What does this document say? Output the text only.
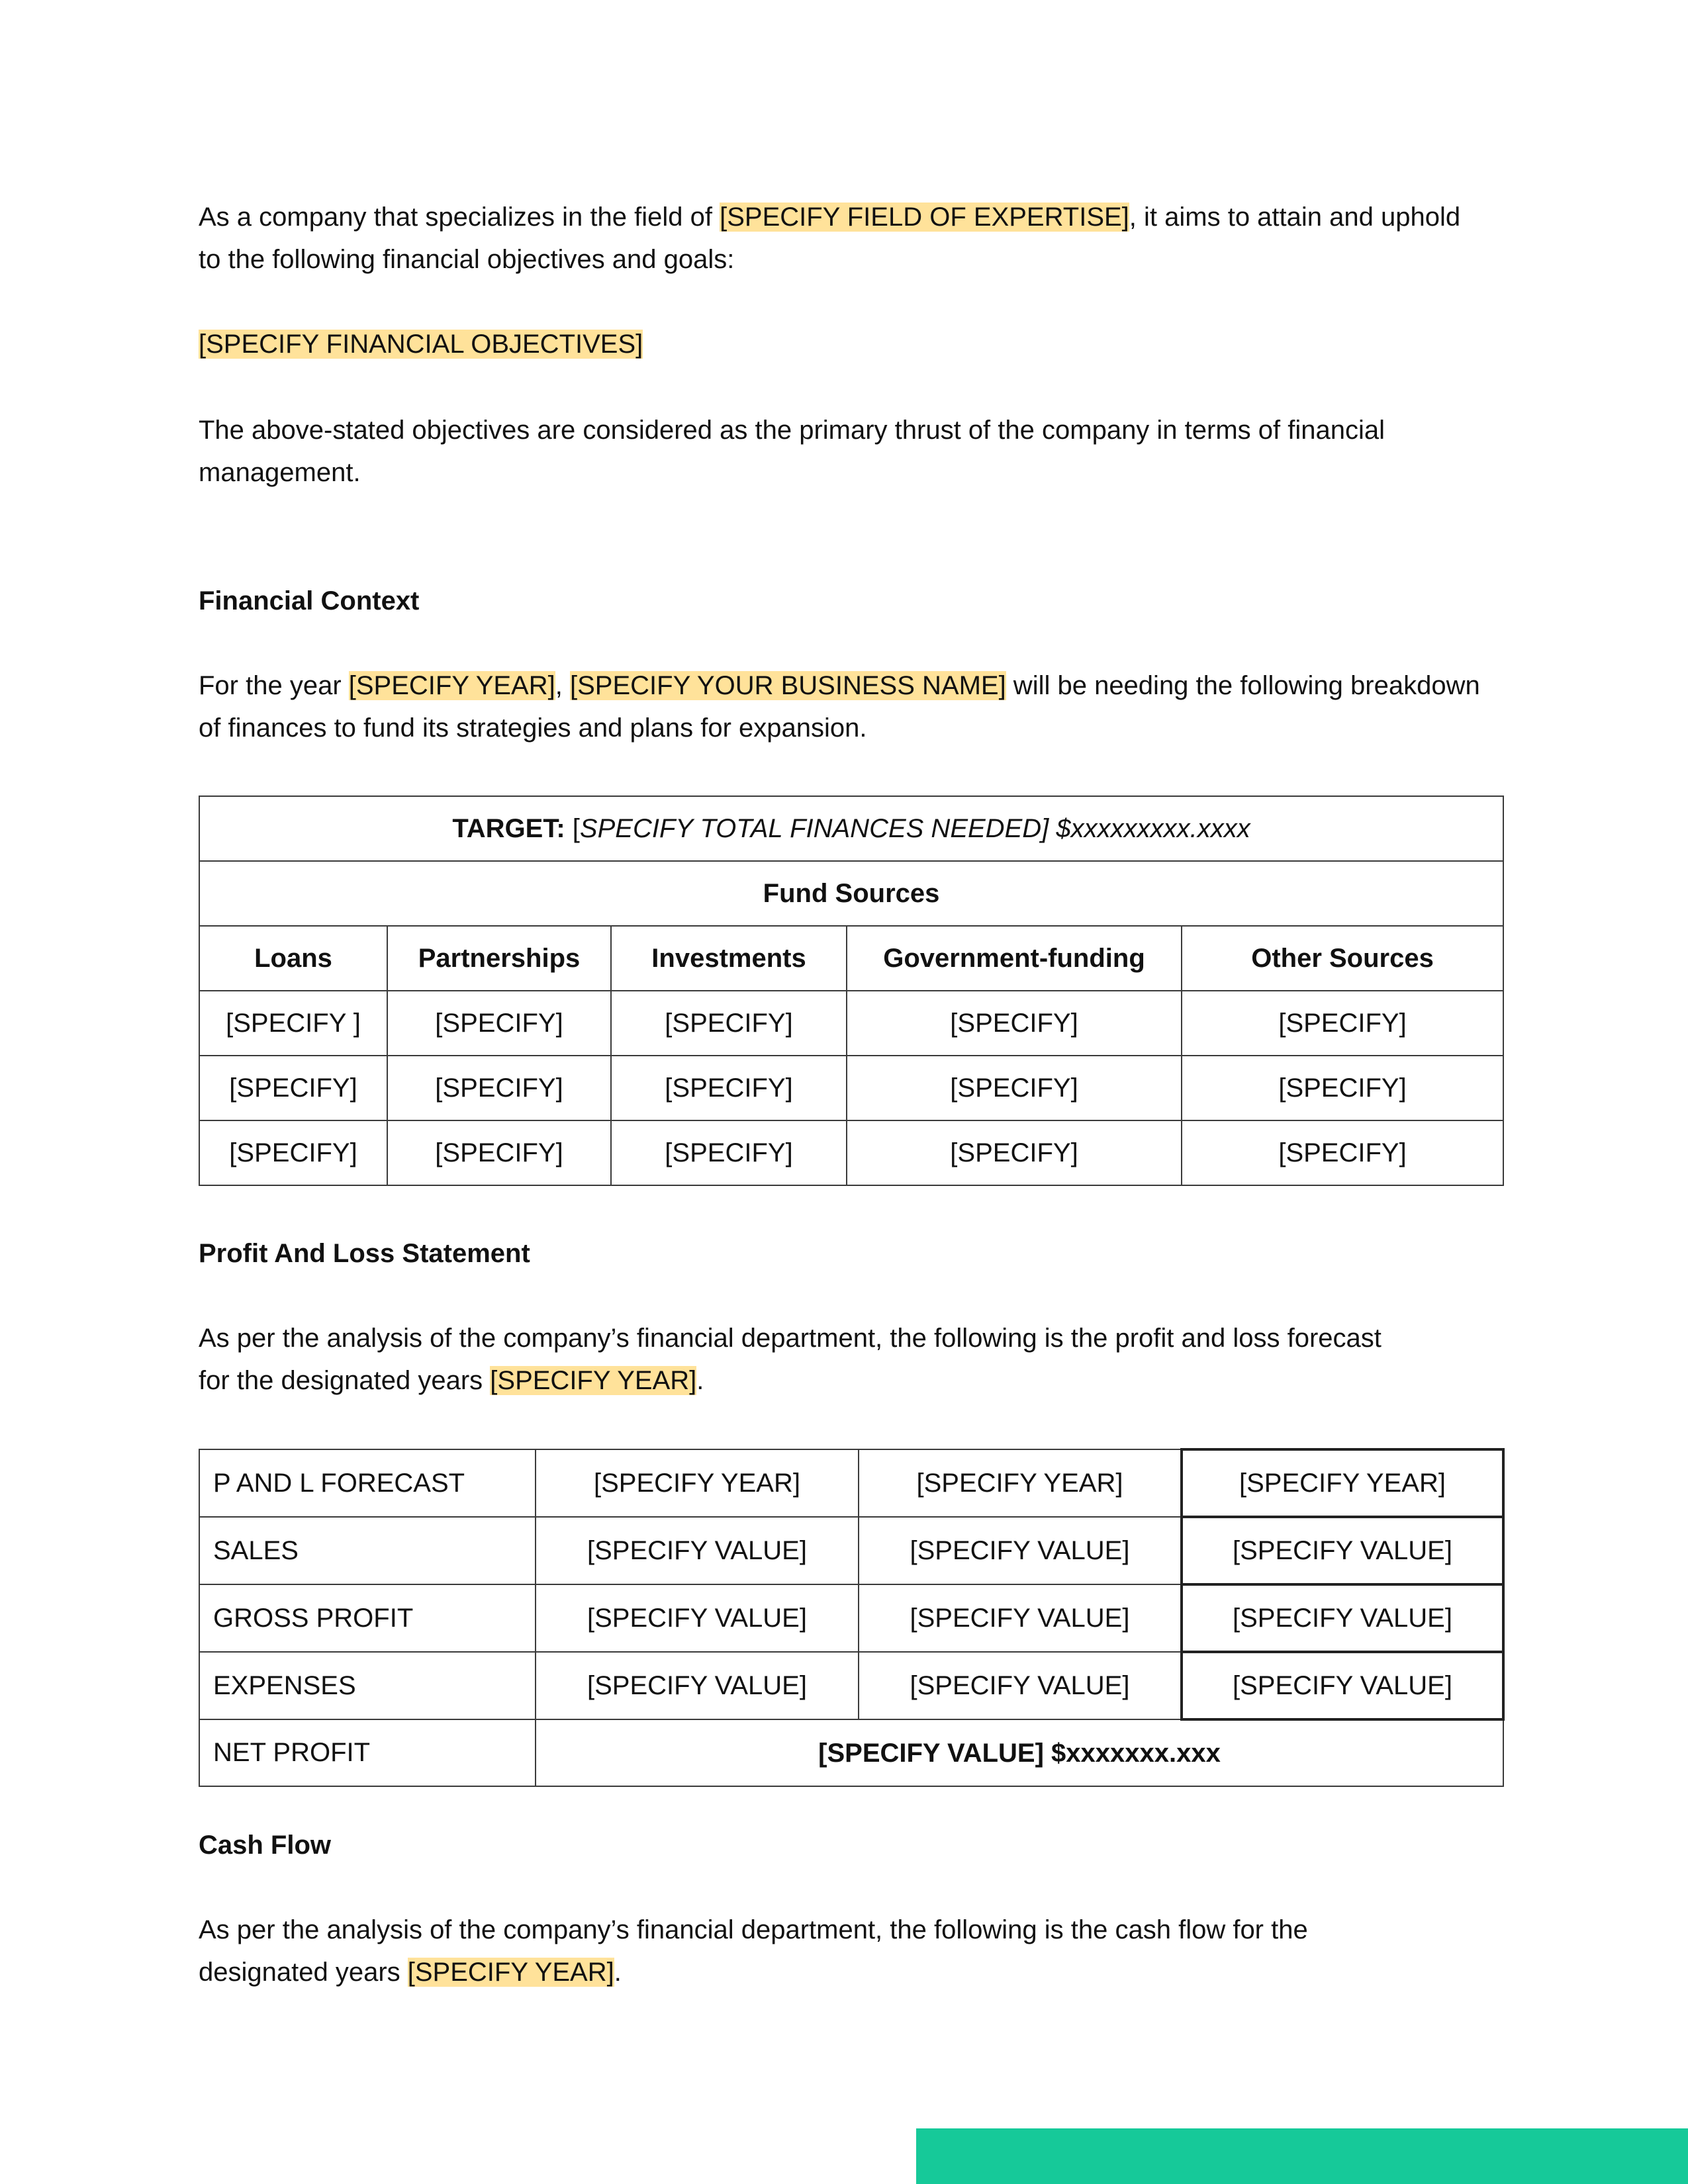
As a company that specializes in the field of [SPECIFY FIELD OF EXPERTISE], it aims to attain and uphold
to the following financial objectives and goals:
[SPECIFY FINANCIAL OBJECTIVES]
The above-stated objectives are considered as the primary thrust of the company in terms of financial
management.
Financial Context
For the year [SPECIFY YEAR], [SPECIFY YOUR BUSINESS NAME] will be needing the following breakdown
of finances to fund its strategies and plans for expansion.
TARGET: [SPECIFY TOTAL FINANCES NEEDED] $xxxxxxxxx.xxxx				
Fund Sources				
Loans	Partnerships	Investments	Government-funding	Other Sources
[SPECIFY ]	[SPECIFY]	[SPECIFY]	[SPECIFY]	[SPECIFY]
[SPECIFY]	[SPECIFY]	[SPECIFY]	[SPECIFY]	[SPECIFY]
[SPECIFY]	[SPECIFY]	[SPECIFY]	[SPECIFY]	[SPECIFY]
Profit And Loss Statement
As per the analysis of the company’s financial department, the following is the profit and loss forecast
for the designated years [SPECIFY YEAR].
P AND L FORECAST	[SPECIFY YEAR]	[SPECIFY YEAR]	[SPECIFY YEAR]
SALES	[SPECIFY VALUE]	[SPECIFY VALUE]	[SPECIFY VALUE]
GROSS PROFIT	[SPECIFY VALUE]	[SPECIFY VALUE]	[SPECIFY VALUE]
EXPENSES	[SPECIFY VALUE]	[SPECIFY VALUE]	[SPECIFY VALUE]
NET PROFIT	[SPECIFY VALUE] $xxxxxxx.xxx		
Cash Flow
As per the analysis of the company’s financial department, the following is the cash flow for the
designated years [SPECIFY YEAR].
